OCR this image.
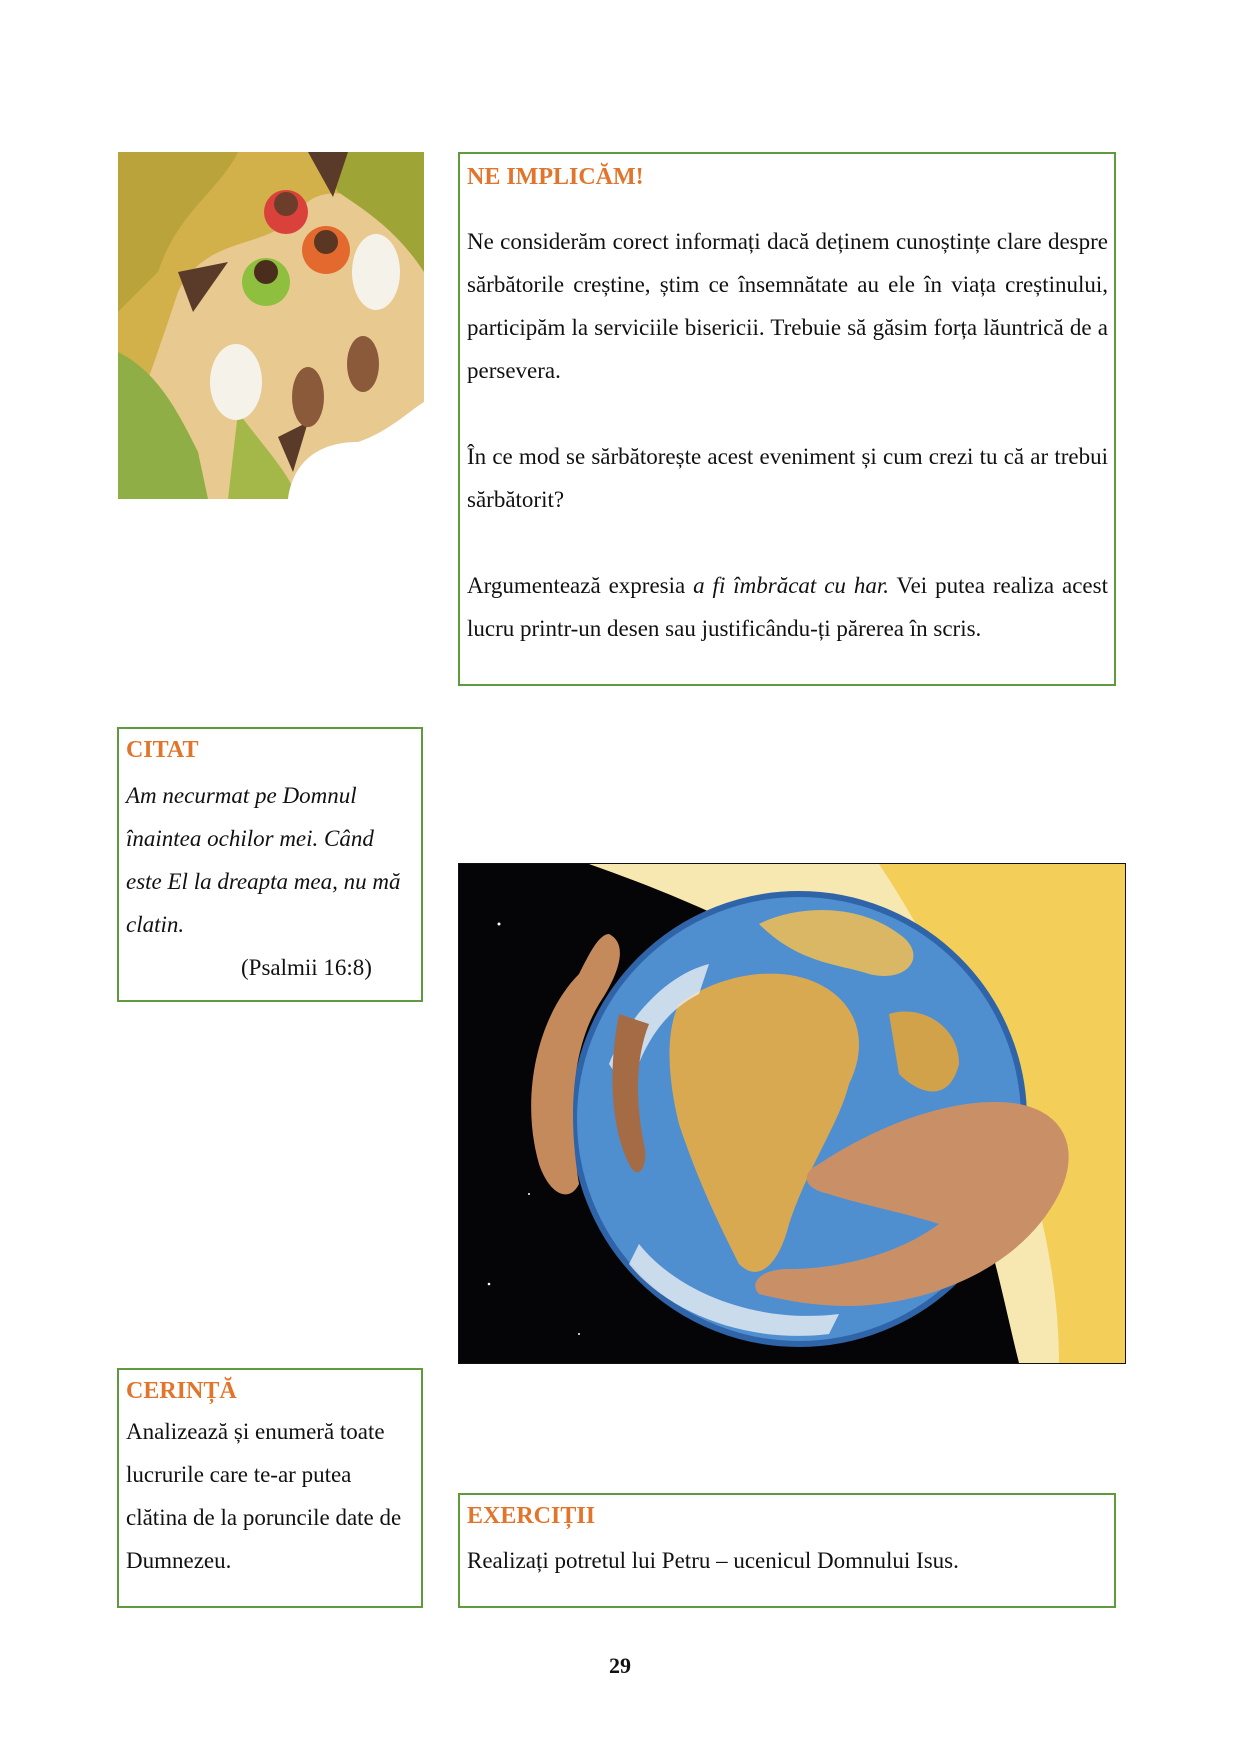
NE IMPLICĂM!

Ne considerăm corect informați dacă deținem cunoștințe clare despre sărbătorile creștine, știm ce însemnătate au ele în viața creștinului, participăm la serviciile bisericii. Trebuie să găsim forța lăuntrică de a persevera.

În ce mod se sărbătorește acest eveniment și cum crezi tu că ar trebui sărbătorit?

Argumentează expresia a fi îmbrăcat cu har. Vei putea realiza acest lucru printr-un desen sau justificându-ți părerea în scris.

CITAT

Am necurmat pe Domnul înaintea ochilor mei. Când este El la dreapta mea, nu mă clatin.

(Psalmii 16:8)

CERINȚĂ

Analizează și enumeră toate lucrurile care te-ar putea clătina de la poruncile date de Dumnezeu.

EXERCIȚII

Realizați potretul lui Petru – ucenicul Domnului Isus.

29
